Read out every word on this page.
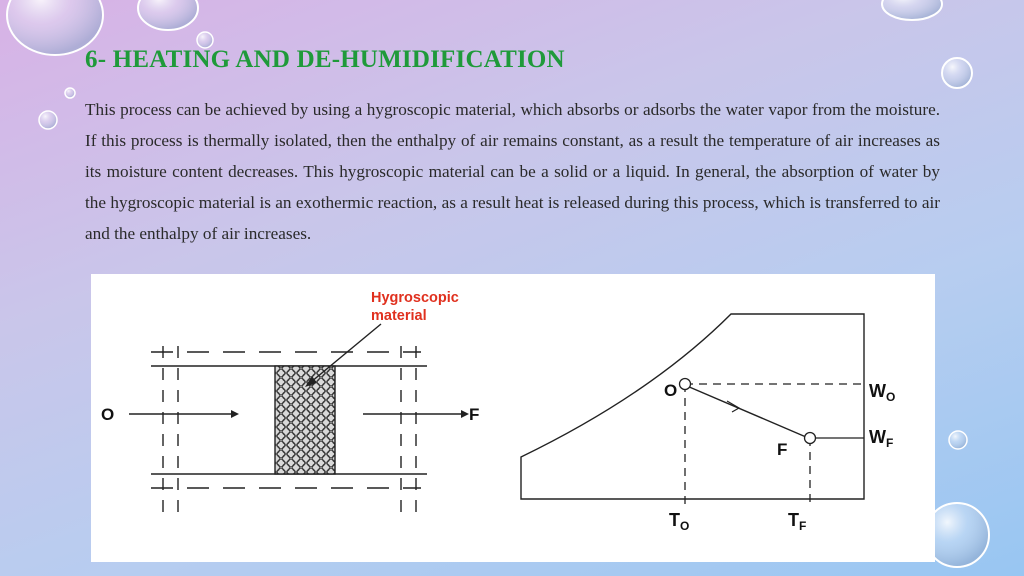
6- HEATING AND DE-HUMIDIFICATION

This process can be achieved by using a hygroscopic material, which absorbs or adsorbs the water vapor from the moisture. If this process is thermally isolated, then the enthalpy of air remains constant, as a result the temperature of air increases as its moisture content decreases. This hygroscopic material can be a solid or a liquid. In general, the absorption of water by the hygroscopic material is an exothermic reaction, as a result heat is released during this process, which is transferred to air and the enthalpy of air increases.

Hygroscopic
material
O	F
O
F
$W_O$
$W_F$
$T_O$	$T_F$
